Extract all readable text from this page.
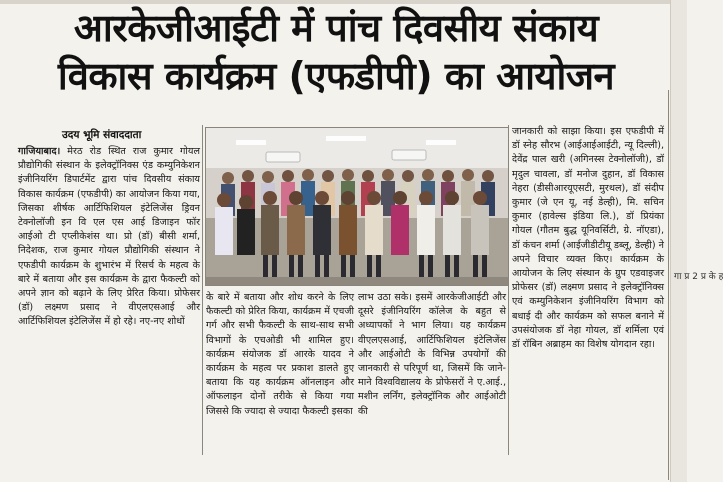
आरकेजीआईटी में पांच दिवसीय संकाय
विकास कार्यक्रम (एफडीपी) का आयोजन
उदय भूमि संवाददाता

गाजियाबाद। मेरठ रोड स्थित राज कुमार गोयल प्रौद्योगिकी संस्थान के इलेक्ट्रॉनिक्स एंड कम्युनिकेशन इंजीनियरिंग डिपार्टमेंट द्वारा पांच दिवसीय संकाय विकास कार्यक्रम (एफडीपी) का आयोजन किया गया, जिसका शीर्षक आर्टिफिशियल इंटेलिजेंस ड्रिवन टेक्नोलॉजी इन वि एल एस आई डिजाइन फॉर आईओ टी एप्लीकेशंस था। प्रो (डॉ) बीसी शर्मा, निदेशक, राज कुमार गोयल प्रौद्योगिकी संस्थान ने एफडीपी कार्यक्रम के शुभारंभ में रिसर्च के महत्व के बारे में बताया और इस कार्यक्रम के द्वारा फैकल्टी को अपने ज्ञान को बढ़ाने के लिए प्रेरित किया। प्रोफेसर (डॉ) लक्ष्मण प्रसाद ने वीएलएसआई और आर्टिफिशियल इंटेलिजेंस में हो रहे। नए-नए शोधों

के बारे में बताया और शोध करने के लिए फैकल्टी को प्रेरित किया, कार्यक्रम में एचजी गर्ग और सभी फैकल्टी के साथ-साथ सभी विभागों के एचओडी भी शामिल हुए। कार्यक्रम संयोजक डॉ आरके यादव ने कार्यक्रम के महत्व पर प्रकाश डालते हुए बताया कि यह कार्यक्रम ऑनलाइन और ऑफलाइन दोनों तरीके से किया गया जिससे कि ज्यादा से ज्यादा फैकल्टी इसका

लाभ उठा सके। इसमें आरकेजीआईटी और दूसरे इंजीनियरिंग कॉलेज के बहुत से अध्यापकों ने भाग लिया। यह कार्यक्रम वीएलएसआई, आर्टिफिशियल इंटेलिजेंस और आईओटी के विभिन्न उपयोगों की जानकारी से परिपूर्ण था, जिसमें कि जाने-माने विश्वविद्यालय के प्रोफेसरों ने ए.आई., मशीन लर्निंग, इलेक्ट्रॉनिक और आईओटी की

जानकारी को साझा किया। इस एफडीपी में डॉ स्नेह सौरभ (आईआईआईटी, न्यू दिल्ली), देवेंद्र पाल खरी (अगिनस्स टेक्नोलॉजी), डॉ मृदुल चावला, डॉ मनोज दुहान, डॉ विकास नेहरा (डीसीआरयूएसटी, मुरथल), डॉ संदीप कुमार (जे एन यू, नई डेल्ही), मि. सचिन कुमार (हावेल्स इंडिया लि.), डॉ प्रियंका गोयल (गौतम बुद्ध यूनिवर्सिटी, ग्रे. नॉएडा), डॉ कंचन शर्मा (आईजीडीटीयू डब्लू, डेल्ही) ने अपने विचार व्यक्त किए। कार्यक्रम के आयोजन के लिए संस्थान के ग्रुप एडवाइजर प्रोफेसर (डॉ) लक्ष्मण प्रसाद ने इलेक्ट्रॉनिक्स एवं कम्युनिकेशन इंजीनियरिंग विभाग को बधाई दी और कार्यक्रम को सफल बनाने में उपसंयोजक डॉ नेहा गोयल, डॉ शर्मिला एवं डॉ रॉबिन अब्राहम का विशेष योगदान रहा।

गा प्र 2 प्र के ह
